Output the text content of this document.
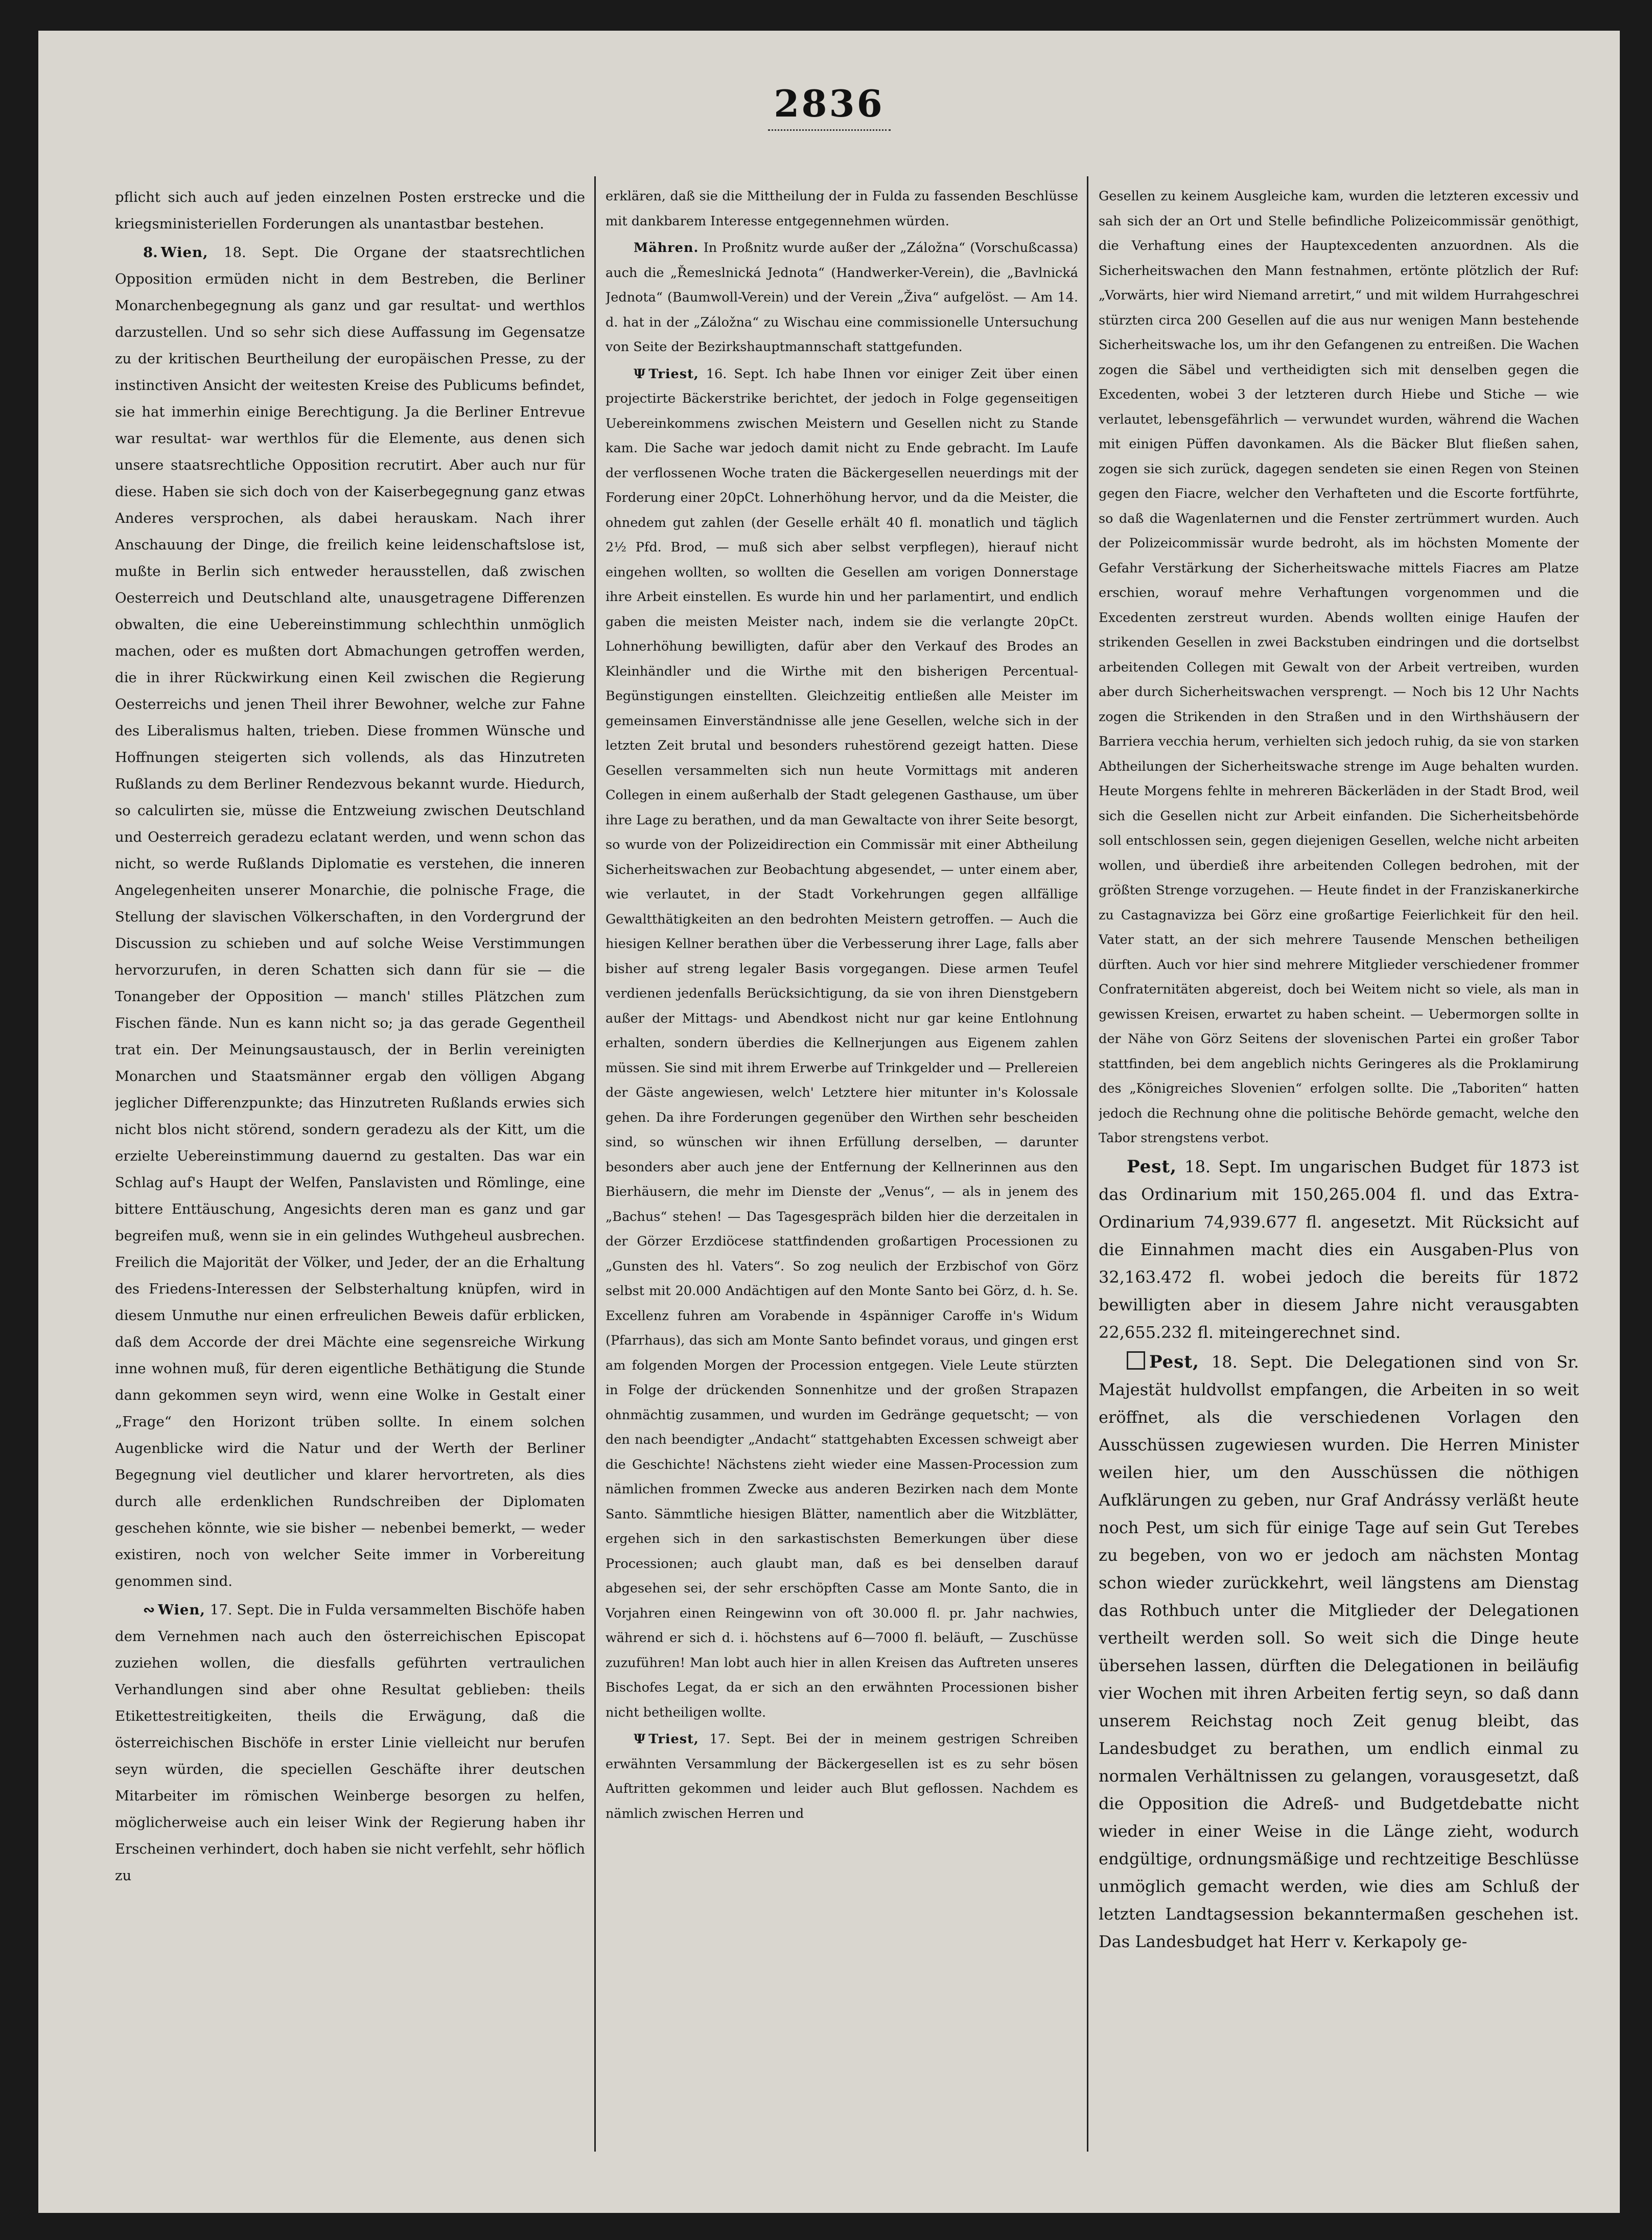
2836

pflicht sich auch auf jeden einzelnen Posten erstrecke und die kriegsministeriellen Forderungen als unantastbar bestehen.

8. Wien, 18. Sept. Die Organe der staatsrechtlichen Opposition ermüden nicht in dem Bestreben, die Berliner Monarchenbegegnung als ganz und gar resultat- und werthlos darzustellen. Und so sehr sich diese Auffassung im Gegensatze zu der kritischen Beurtheilung der europäischen Presse, zu der instinctiven Ansicht der weitesten Kreise des Publicums befindet, sie hat immerhin einige Berechtigung. Ja die Berliner Entrevue war resultat- war werthlos für die Elemente, aus denen sich unsere staatsrechtliche Opposition recrutirt. Aber auch nur für diese. Haben sie sich doch von der Kaiserbegegnung ganz etwas Anderes versprochen, als dabei herauskam. Nach ihrer Anschauung der Dinge, die freilich keine leidenschaftslose ist, mußte in Berlin sich entweder herausstellen, daß zwischen Oesterreich und Deutschland alte, unausgetragene Differenzen obwalten, die eine Uebereinstimmung schlechthin unmöglich machen, oder es mußten dort Abmachungen getroffen werden, die in ihrer Rückwirkung einen Keil zwischen die Regierung Oesterreichs und jenen Theil ihrer Bewohner, welche zur Fahne des Liberalismus halten, trieben. Diese frommen Wünsche und Hoffnungen steigerten sich vollends, als das Hinzutreten Rußlands zu dem Berliner Rendezvous bekannt wurde. Hiedurch, so calculirten sie, müsse die Entzweiung zwischen Deutschland und Oesterreich geradezu eclatant werden, und wenn schon das nicht, so werde Rußlands Diplomatie es verstehen, die inneren Angelegenheiten unserer Monarchie, die polnische Frage, die Stellung der slavischen Völkerschaften, in den Vordergrund der Discussion zu schieben und auf solche Weise Verstimmungen hervorzurufen, in deren Schatten sich dann für sie — die Tonangeber der Opposition — manch' stilles Plätzchen zum Fischen fände. Nun es kann nicht so; ja das gerade Gegentheil trat ein. Der Meinungsaustausch, der in Berlin vereinigten Monarchen und Staatsmänner ergab den völligen Abgang jeglicher Differenzpunkte; das Hinzutreten Rußlands erwies sich nicht blos nicht störend, sondern geradezu als der Kitt, um die erzielte Uebereinstimmung dauernd zu gestalten. Das war ein Schlag auf's Haupt der Welfen, Panslavisten und Römlinge, eine bittere Enttäuschung, Angesichts deren man es ganz und gar begreifen muß, wenn sie in ein gelindes Wuthgeheul ausbrechen. Freilich die Majorität der Völker, und Jeder, der an die Erhaltung des Friedens-Interessen der Selbsterhaltung knüpfen, wird in diesem Unmuthe nur einen erfreulichen Beweis dafür erblicken, daß dem Accorde der drei Mächte eine segensreiche Wirkung inne wohnen muß, für deren eigentliche Bethätigung die Stunde dann gekommen seyn wird, wenn eine Wolke in Gestalt einer „Frage“ den Horizont trüben sollte. In einem solchen Augenblicke wird die Natur und der Werth der Berliner Begegnung viel deutlicher und klarer hervortreten, als dies durch alle erdenklichen Rundschreiben der Diplomaten geschehen könnte, wie sie bisher — nebenbei bemerkt, — weder existiren, noch von welcher Seite immer in Vorbereitung genommen sind.

∾ Wien, 17. Sept. Die in Fulda versammelten Bischöfe haben dem Vernehmen nach auch den österreichischen Episcopat zuziehen wollen, die diesfalls geführten vertraulichen Verhandlungen sind aber ohne Resultat geblieben: theils Etikettestreitigkeiten, theils die Erwägung, daß die österreichischen Bischöfe in erster Linie vielleicht nur berufen seyn würden, die speciellen Geschäfte ihrer deutschen Mitarbeiter im römischen Weinberge besorgen zu helfen, möglicherweise auch ein leiser Wink der Regierung haben ihr Erscheinen verhindert, doch haben sie nicht verfehlt, sehr höflich zu

erklären, daß sie die Mittheilung der in Fulda zu fassenden Beschlüsse mit dankbarem Interesse entgegennehmen würden.

Mähren. In Proßnitz wurde außer der „Záložna“ (Vorschußcassa) auch die „Řemeslnická Jednota“ (Handwerker-Verein), die „Bavlnická Jednota“ (Baumwoll-Verein) und der Verein „Živa“ aufgelöst. — Am 14. d. hat in der „Záložna“ zu Wischau eine commissionelle Untersuchung von Seite der Bezirkshauptmannschaft stattgefunden.

Ψ Triest, 16. Sept. Ich habe Ihnen vor einiger Zeit über einen projectirte Bäckerstrike berichtet, der jedoch in Folge gegenseitigen Uebereinkommens zwischen Meistern und Gesellen nicht zu Stande kam. Die Sache war jedoch damit nicht zu Ende gebracht. Im Laufe der verflossenen Woche traten die Bäckergesellen neuerdings mit der Forderung einer 20pCt. Lohnerhöhung hervor, und da die Meister, die ohnedem gut zahlen (der Geselle erhält 40 fl. monatlich und täglich 2½ Pfd. Brod, — muß sich aber selbst verpflegen), hierauf nicht eingehen wollten, so wollten die Gesellen am vorigen Donnerstage ihre Arbeit einstellen. Es wurde hin und her parlamentirt, und endlich gaben die meisten Meister nach, indem sie die verlangte 20pCt. Lohnerhöhung bewilligten, dafür aber den Verkauf des Brodes an Kleinhändler und die Wirthe mit den bisherigen Percentual-Begünstigungen einstellten. Gleichzeitig entließen alle Meister im gemeinsamen Einverständnisse alle jene Gesellen, welche sich in der letzten Zeit brutal und besonders ruhestörend gezeigt hatten. Diese Gesellen versammelten sich nun heute Vormittags mit anderen Collegen in einem außerhalb der Stadt gelegenen Gasthause, um über ihre Lage zu berathen, und da man Gewaltacte von ihrer Seite besorgt, so wurde von der Polizeidirection ein Commissär mit einer Abtheilung Sicherheitswachen zur Beobachtung abgesendet, — unter einem aber, wie verlautet, in der Stadt Vorkehrungen gegen allfällige Gewaltthätigkeiten an den bedrohten Meistern getroffen. — Auch die hiesigen Kellner berathen über die Verbesserung ihrer Lage, falls aber bisher auf streng legaler Basis vorgegangen. Diese armen Teufel verdienen jedenfalls Berücksichtigung, da sie von ihren Dienstgebern außer der Mittags- und Abendkost nicht nur gar keine Entlohnung erhalten, sondern überdies die Kellnerjungen aus Eigenem zahlen müssen. Sie sind mit ihrem Erwerbe auf Trinkgelder und — Prellereien der Gäste angewiesen, welch' Letztere hier mitunter in's Kolossale gehen. Da ihre Forderungen gegenüber den Wirthen sehr bescheiden sind, so wünschen wir ihnen Erfüllung derselben, — darunter besonders aber auch jene der Entfernung der Kellnerinnen aus den Bierhäusern, die mehr im Dienste der „Venus“, — als in jenem des „Bachus“ stehen! — Das Tagesgespräch bilden hier die derzeitalen in der Görzer Erzdiöcese stattfindenden großartigen Processionen zu „Gunsten des hl. Vaters“. So zog neulich der Erzbischof von Görz selbst mit 20.000 Andächtigen auf den Monte Santo bei Görz, d. h. Se. Excellenz fuhren am Vorabende in 4spänniger Caroffe in's Widum (Pfarrhaus), das sich am Monte Santo befindet voraus, und gingen erst am folgenden Morgen der Procession entgegen. Viele Leute stürzten in Folge der drückenden Sonnenhitze und der großen Strapazen ohnmächtig zusammen, und wurden im Gedränge gequetscht; — von den nach beendigter „Andacht“ stattgehabten Excessen schweigt aber die Geschichte! Nächstens zieht wieder eine Massen-Procession zum nämlichen frommen Zwecke aus anderen Bezirken nach dem Monte Santo. Sämmtliche hiesigen Blätter, namentlich aber die Witzblätter, ergehen sich in den sarkastischsten Bemerkungen über diese Processionen; auch glaubt man, daß es bei denselben darauf abgesehen sei, der sehr erschöpften Casse am Monte Santo, die in Vorjahren einen Reingewinn von oft 30.000 fl. pr. Jahr nachwies, während er sich d. i. höchstens auf 6—7000 fl. beläuft, — Zuschüsse zuzuführen! Man lobt auch hier in allen Kreisen das Auftreten unseres Bischofes Legat, da er sich an den erwähnten Processionen bisher nicht betheiligen wollte.

Ψ Triest, 17. Sept. Bei der in meinem gestrigen Schreiben erwähnten Versammlung der Bäckergesellen ist es zu sehr bösen Auftritten gekommen und leider auch Blut geflossen. Nachdem es nämlich zwischen Herren und

Gesellen zu keinem Ausgleiche kam, wurden die letzteren excessiv und sah sich der an Ort und Stelle befindliche Polizeicommissär genöthigt, die Verhaftung eines der Hauptexcedenten anzuordnen. Als die Sicherheitswachen den Mann festnahmen, ertönte plötzlich der Ruf: „Vorwärts, hier wird Niemand arretirt,“ und mit wildem Hurrahgeschrei stürzten circa 200 Gesellen auf die aus nur wenigen Mann bestehende Sicherheitswache los, um ihr den Gefangenen zu entreißen. Die Wachen zogen die Säbel und vertheidigten sich mit denselben gegen die Excedenten, wobei 3 der letzteren durch Hiebe und Stiche — wie verlautet, lebensgefährlich — verwundet wurden, während die Wachen mit einigen Püffen davonkamen. Als die Bäcker Blut fließen sahen, zogen sie sich zurück, dagegen sendeten sie einen Regen von Steinen gegen den Fiacre, welcher den Verhafteten und die Escorte fortführte, so daß die Wagenlaternen und die Fenster zertrümmert wurden. Auch der Polizeicommissär wurde bedroht, als im höchsten Momente der Gefahr Verstärkung der Sicherheitswache mittels Fiacres am Platze erschien, worauf mehre Verhaftungen vorgenommen und die Excedenten zerstreut wurden. Abends wollten einige Haufen der strikenden Gesellen in zwei Backstuben eindringen und die dortselbst arbeitenden Collegen mit Gewalt von der Arbeit vertreiben, wurden aber durch Sicherheitswachen versprengt. — Noch bis 12 Uhr Nachts zogen die Strikenden in den Straßen und in den Wirthshäusern der Barriera vecchia herum, verhielten sich jedoch ruhig, da sie von starken Abtheilungen der Sicherheitswache strenge im Auge behalten wurden. Heute Morgens fehlte in mehreren Bäckerläden in der Stadt Brod, weil sich die Gesellen nicht zur Arbeit einfanden. Die Sicherheitsbehörde soll entschlossen sein, gegen diejenigen Gesellen, welche nicht arbeiten wollen, und überdieß ihre arbeitenden Collegen bedrohen, mit der größten Strenge vorzugehen. — Heute findet in der Franziskanerkirche zu Castagnavizza bei Görz eine großartige Feierlichkeit für den heil. Vater statt, an der sich mehrere Tausende Menschen betheiligen dürften. Auch vor hier sind mehrere Mitglieder verschiedener frommer Confraternitäten abgereist, doch bei Weitem nicht so viele, als man in gewissen Kreisen, erwartet zu haben scheint. — Uebermorgen sollte in der Nähe von Görz Seitens der slovenischen Partei ein großer Tabor stattfinden, bei dem angeblich nichts Geringeres als die Proklamirung des „Königreiches Slovenien“ erfolgen sollte. Die „Taboriten“ hatten jedoch die Rechnung ohne die politische Behörde gemacht, welche den Tabor strengstens verbot.

Pest, 18. Sept. Im ungarischen Budget für 1873 ist das Ordinarium mit 150,265.004 fl. und das Extra-Ordinarium 74,939.677 fl. angesetzt. Mit Rücksicht auf die Einnahmen macht dies ein Ausgaben-Plus von 32,163.472 fl. wobei jedoch die bereits für 1872 bewilligten aber in diesem Jahre nicht verausgabten 22,655.232 fl. miteingerechnet sind.

Pest, 18. Sept. Die Delegationen sind von Sr. Majestät huldvollst empfangen, die Arbeiten in so weit eröffnet, als die verschiedenen Vorlagen den Ausschüssen zugewiesen wurden. Die Herren Minister weilen hier, um den Ausschüssen die nöthigen Aufklärungen zu geben, nur Graf Andrássy verläßt heute noch Pest, um sich für einige Tage auf sein Gut Terebes zu begeben, von wo er jedoch am nächsten Montag schon wieder zurückkehrt, weil längstens am Dienstag das Rothbuch unter die Mitglieder der Delegationen vertheilt werden soll. So weit sich die Dinge heute übersehen lassen, dürften die Delegationen in beiläufig vier Wochen mit ihren Arbeiten fertig seyn, so daß dann unserem Reichstag noch Zeit genug bleibt, das Landesbudget zu berathen, um endlich einmal zu normalen Verhältnissen zu gelangen, vorausgesetzt, daß die Opposition die Adreß- und Budgetdebatte nicht wieder in einer Weise in die Länge zieht, wodurch endgültige, ordnungsmäßige und rechtzeitige Beschlüsse unmöglich gemacht werden, wie dies am Schluß der letzten Landtagsession bekanntermaßen geschehen ist. Das Landesbudget hat Herr v. Kerkapoly ge-
